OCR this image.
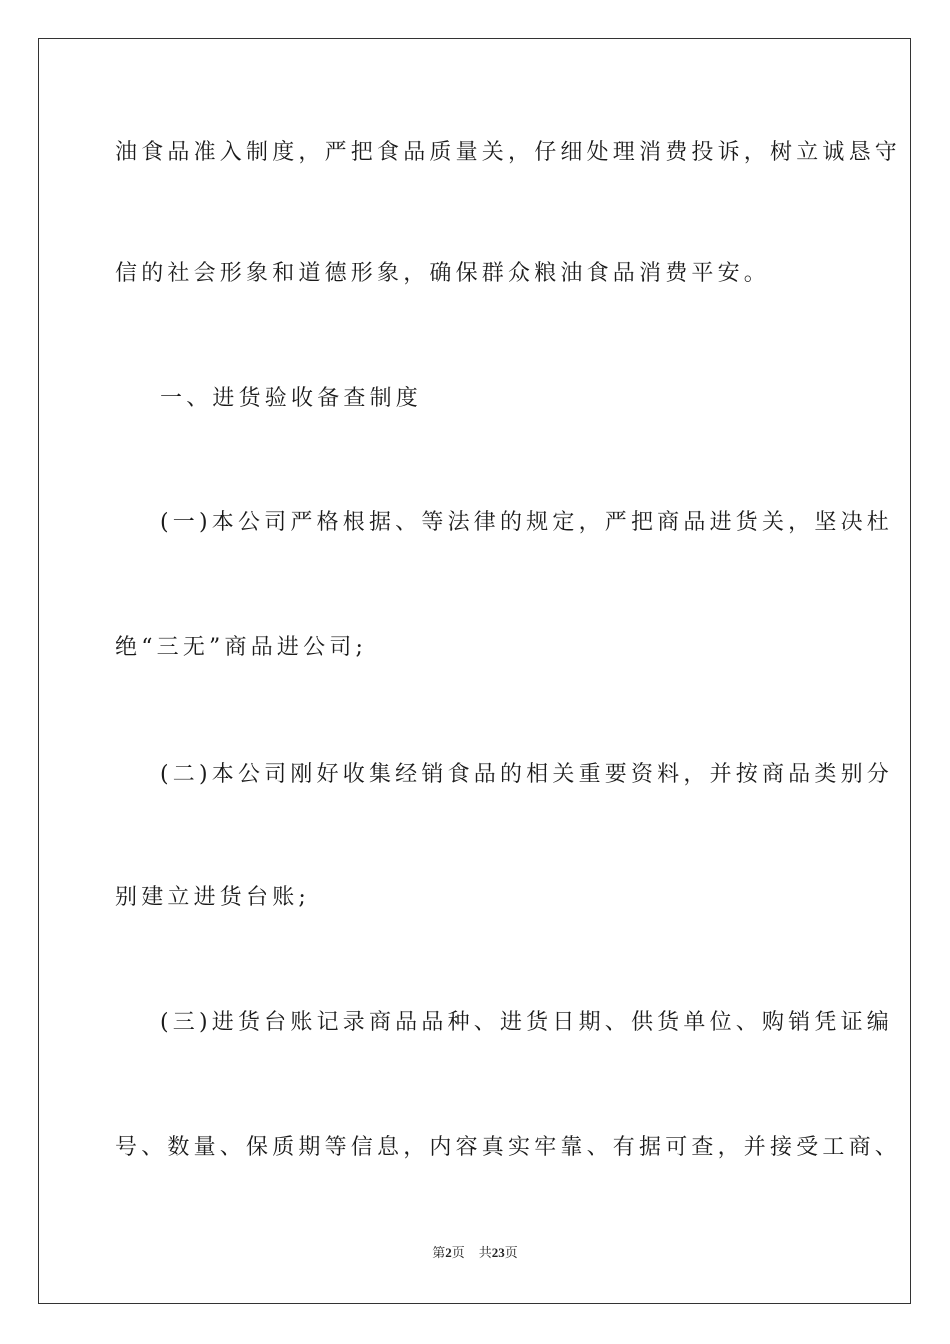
油食品准入制度，严把食品质量关，仔细处理消费投诉，树立诚恳守
信的社会形象和道德形象，确保群众粮油食品消费平安。
一、进货验收备查制度
(一)本公司严格根据、等法律的规定，严把商品进货关，坚决杜
绝“三无”商品进公司;
(二)本公司刚好收集经销食品的相关重要资料，并按商品类别分
别建立进货台账;
(三)进货台账记录商品品种、进货日期、供货单位、购销凭证编
号、数量、保质期等信息，内容真实牢靠、有据可查，并接受工商、
第2页 共23页
